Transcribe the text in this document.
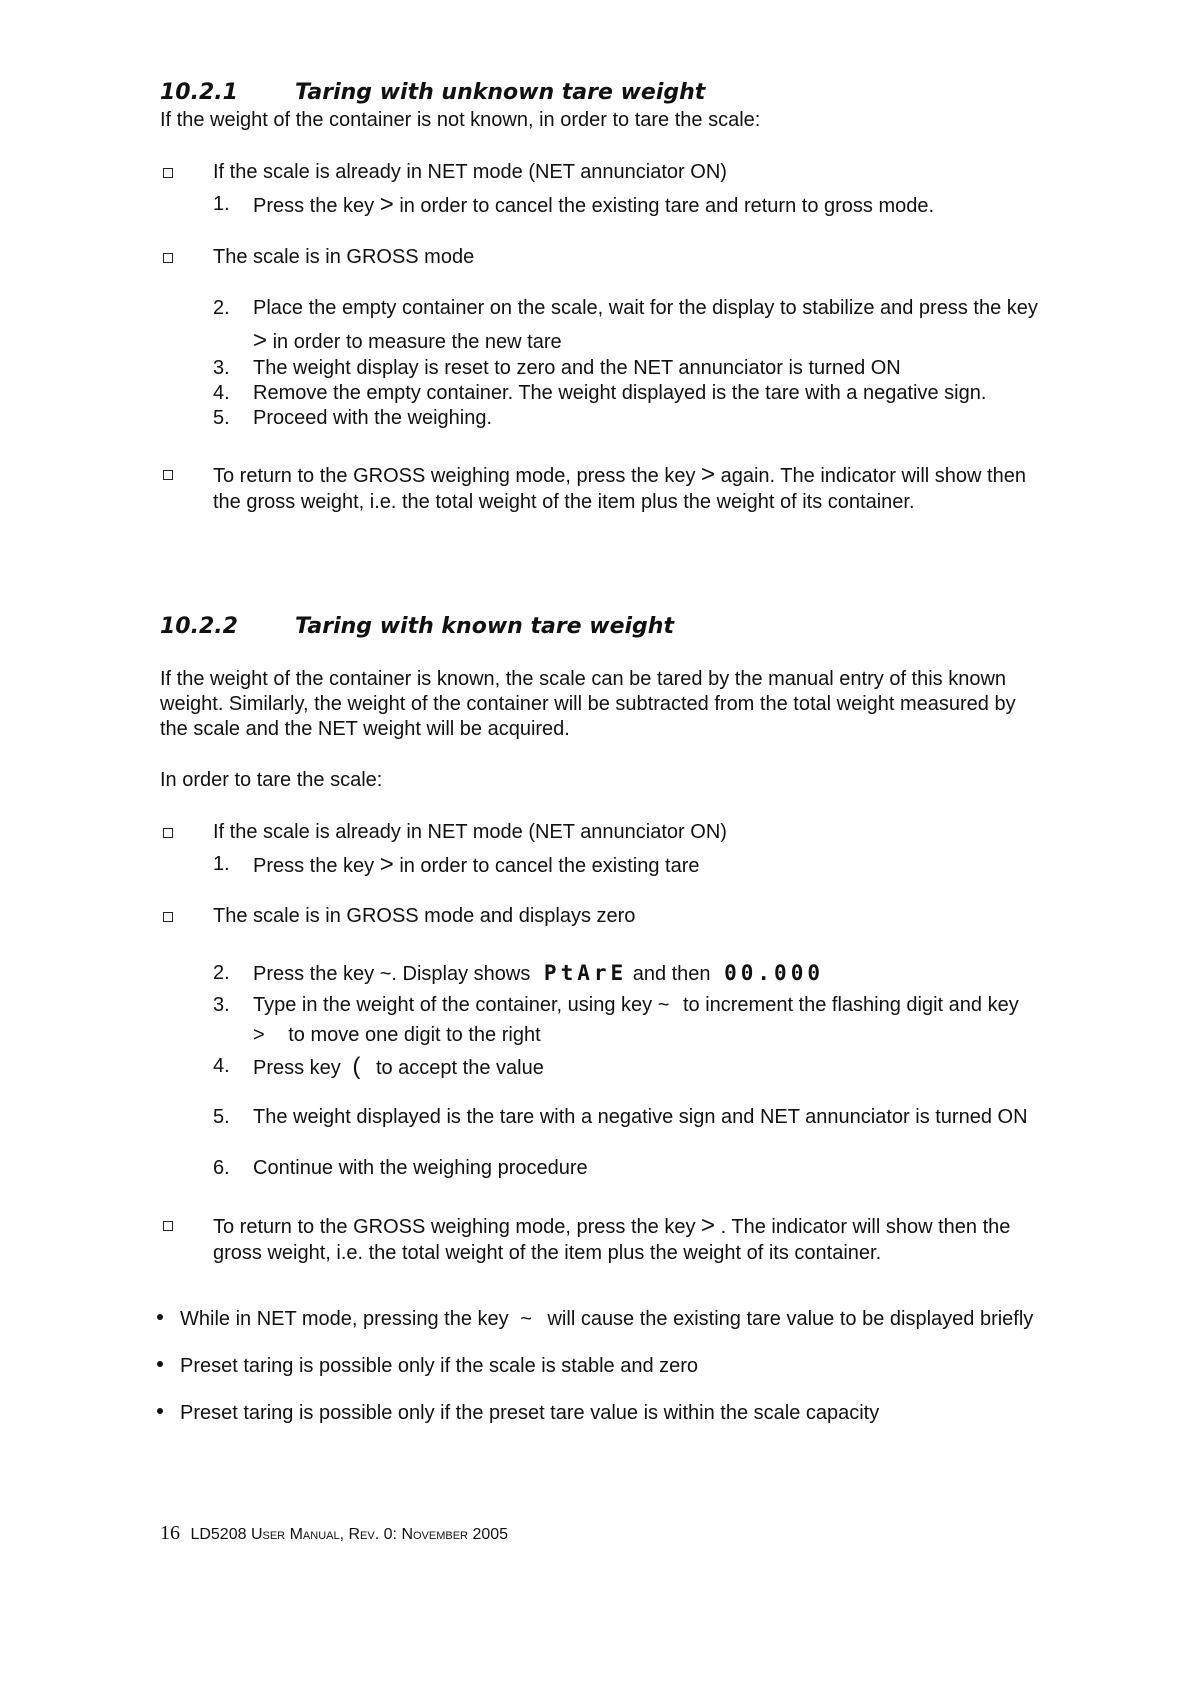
10.2.1	Taring with unknown tare weight
If the weight of the container is not known, in order to tare the scale:
If the scale is already in NET mode (NET annunciator ON)
1.	Press the key > in order to cancel the existing tare and return to gross mode.
The scale is in GROSS mode
2.	Place the empty container on the scale, wait for the display to stabilize and press the key
> in order to measure the new tare
3.	The weight display is reset to zero and the NET annunciator is turned ON
4.	Remove the empty container. The weight displayed is the tare with a negative sign.
5.	Proceed with the weighing.
To return to the GROSS weighing mode, press the key > again. The indicator will show then
the gross weight, i.e. the total weight of the item plus the weight of its container.
10.2.2	Taring with known tare weight
If the weight of the container is known, the scale can be tared by the manual entry of this known
weight. Similarly, the weight of the container will be subtracted from the total weight measured by
the scale and the NET weight will be acquired.
In order to tare the scale:
If the scale is already in NET mode (NET annunciator ON)
1.	Press the key > in order to cancel the existing tare
The scale is in GROSS mode and displays zero
2.	Press the key ~. Display shows PtArE and then 00.000
3.	Type in the weight of the container, using key ~ to increment the flashing digit and key
> to move one digit to the right
4.	Press key ( to accept the value
5.	The weight displayed is the tare with a negative sign and NET annunciator is turned ON
6.	Continue with the weighing procedure
To return to the GROSS weighing mode, press the key > . The indicator will show then the
gross weight, i.e. the total weight of the item plus the weight of its container.
While in NET mode, pressing the key ~ will cause the existing tare value to be displayed briefly
Preset taring is possible only if the scale is stable and zero
Preset taring is possible only if the preset tare value is within the scale capacity
16 LD5208 User Manual, Rev. 0: November 2005
